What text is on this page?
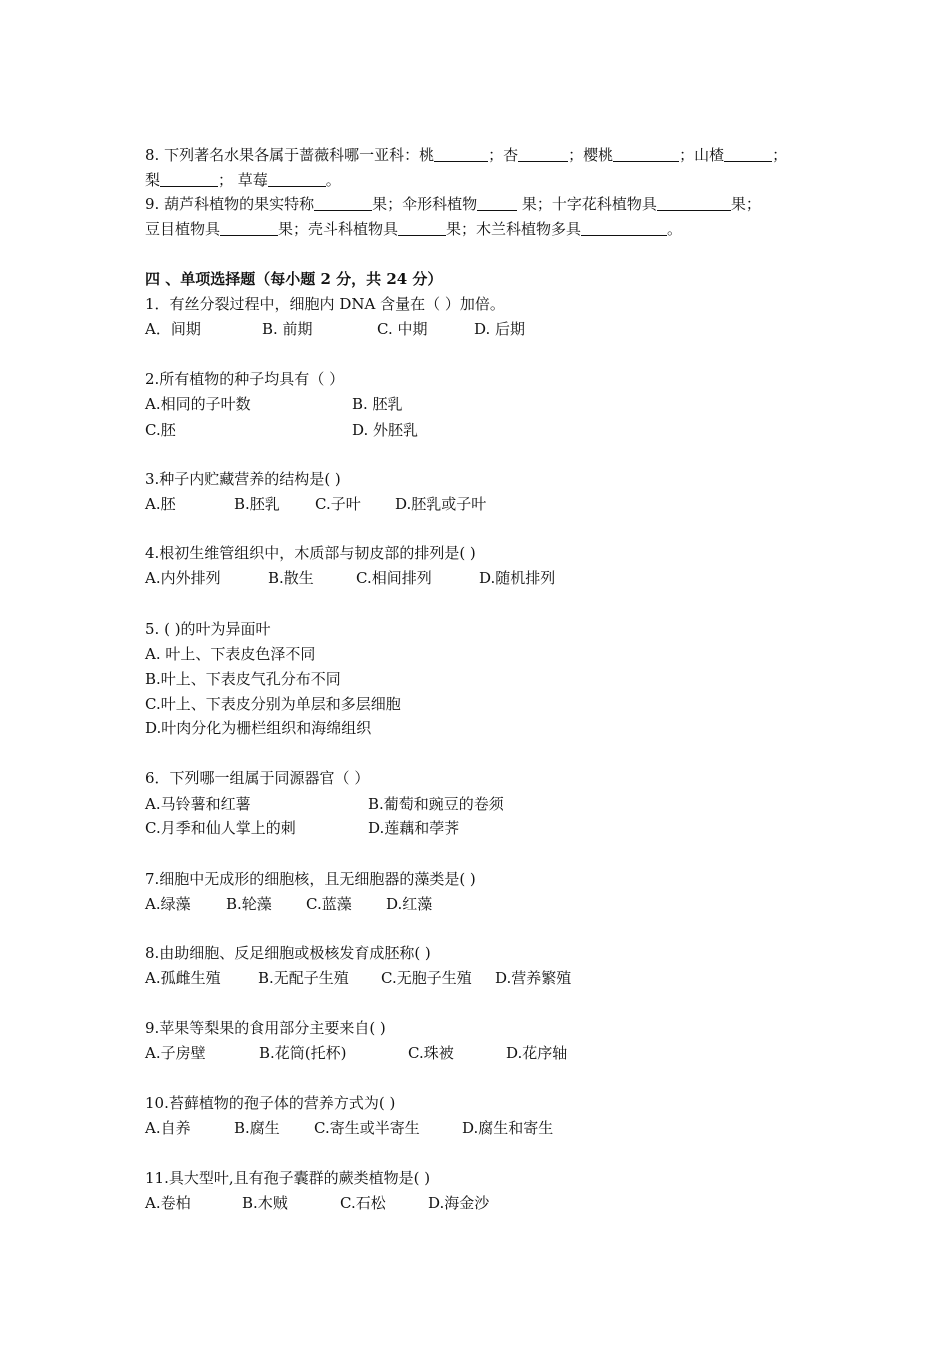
8. 下列著名水果各属于蔷薇科哪一亚科：桃	；杏	；樱桃	；山楂	；
梨	； 草莓	。
9. 葫芦科植物的果实特称	果；伞形科植物	果；十字花科植物具	果；
豆目植物具	果；壳斗科植物具	果；木兰科植物多具	。
四 、单项选择题（每小题 2 分，共 24 分）
1．有丝分裂过程中，细胞内 DNA 含量在（ ）加倍。
A．间期	B. 前期	C. 中期	D. 后期
2.所有植物的种子均具有（ ）
A.相同的子叶数	B. 胚乳
C.胚	D. 外胚乳
3.种子内贮藏营养的结构是( )
A.胚	B.胚乳 C.子叶 D.胚乳或子叶
4.根初生维管组织中，木质部与韧皮部的排列是( )
A.内外排列	B.散生	C.相间排列	D.随机排列
5. ( )的叶为异面叶
A. 叶上、下表皮色泽不同
B.叶上、下表皮气孔分布不同
C.叶上、下表皮分别为单层和多层细胞
D.叶肉分化为栅栏组织和海绵组织
6．下列哪一组属于同源器官（ ）
A.马铃薯和红薯	B.葡萄和豌豆的卷须
C.月季和仙人掌上的刺	D.莲藕和荸荠
7.细胞中无成形的细胞核，且无细胞器的藻类是( )
A.绿藻 B.轮藻 C.蓝藻 D.红藻
8.由助细胞、反足细胞或极核发育成胚称( )
A.孤雌生殖 B.无配子生殖 C.无胞子生殖 D.营养繁殖
9.苹果等梨果的食用部分主要来自( )
A.子房壁	B.花筒(托杯)	C.珠被	D.花序轴
10.苔藓植物的孢子体的营养方式为( )
A.自养	B.腐生 C.寄生或半寄生	D.腐生和寄生
11.具大型叶,且有孢子囊群的蕨类植物是( )
A.卷柏	B.木贼	C.石松	D.海金沙
